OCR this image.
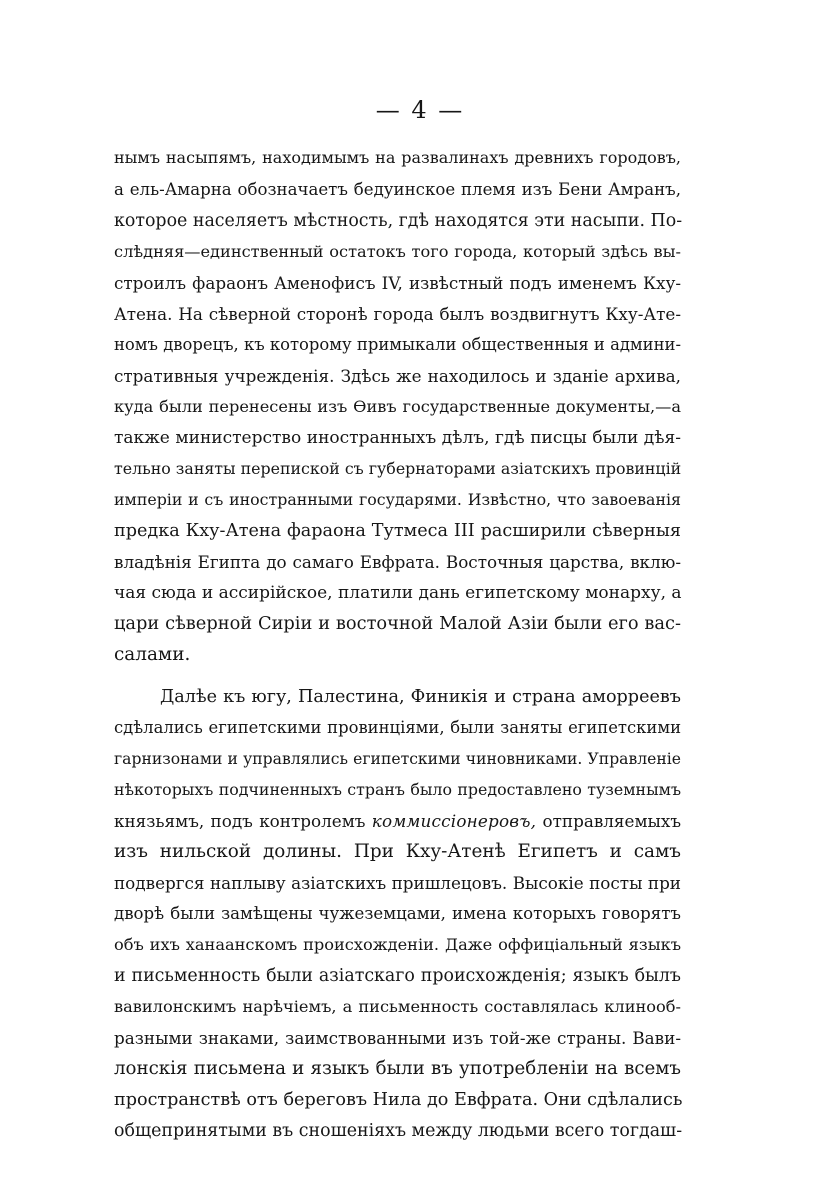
— 4 —
нымъ насыпямъ, находимымъ на развалинахъ древнихъ городовъ,
а ель-Амарна обозначаетъ бедуинское племя изъ Бени Амранъ,
которое населяетъ мѣстность, гдѣ находятся эти насыпи. По-
слѣдняя—единственный остатокъ того города, который здѣсь вы-
строилъ фараонъ Аменофисъ IV, извѣстный подъ именемъ Кху-
Атена. На сѣверной сторонѣ города былъ воздвигнутъ Кху-Ате-
номъ дворецъ, къ которому примыкали общественныя и админи-
стративныя учрежденія. Здѣсь же находилось и зданіе архива,
куда были перенесены изъ Ѳивъ государственные документы,—а
также министерство иностранныхъ дѣлъ, гдѣ писцы были дѣя-
тельно заняты перепиской съ губернаторами азіатскихъ провинцій
имперіи и съ иностранными государями. Извѣстно, что завоеванія
предка Кху-Атена фараона Тутмеса III расширили сѣверныя
владѣнія Египта до самаго Евфрата. Восточныя царства, вклю-
чая сюда и ассирійское, платили дань египетскому монарху, а
цари сѣверной Сиріи и восточной Малой Азіи были его вас-
салами.
Далѣе къ югу, Палестина, Финикія и страна аморреевъ
сдѣлались египетскими провинціями, были заняты египетскими
гарнизонами и управлялись египетскими чиновниками. Управленіе
нѣкоторыхъ подчиненныхъ странъ было предоставлено туземнымъ
князьямъ, подъ контролемъ коммиссіонеровъ, отправляемыхъ
изъ нильской долины. При Кху-Атенѣ Египетъ и самъ
подвергся наплыву азіатскихъ пришлецовъ. Высокіе посты при
дворѣ были замѣщены чужеземцами, имена которыхъ говорятъ
объ ихъ ханаанскомъ происхожденіи. Даже оффиціальный языкъ
и письменность были азіатскаго происхожденія; языкъ былъ
вавилонскимъ нарѣчіемъ, а письменность составлялась клинооб-
разными знаками, заимствованными изъ той-же страны. Вави-
лонскія письмена и языкъ были въ употребленіи на всемъ
пространствѣ отъ береговъ Нила до Евфрата. Они сдѣлались
общепринятыми въ сношеніяхъ между людьми всего тогдаш-
